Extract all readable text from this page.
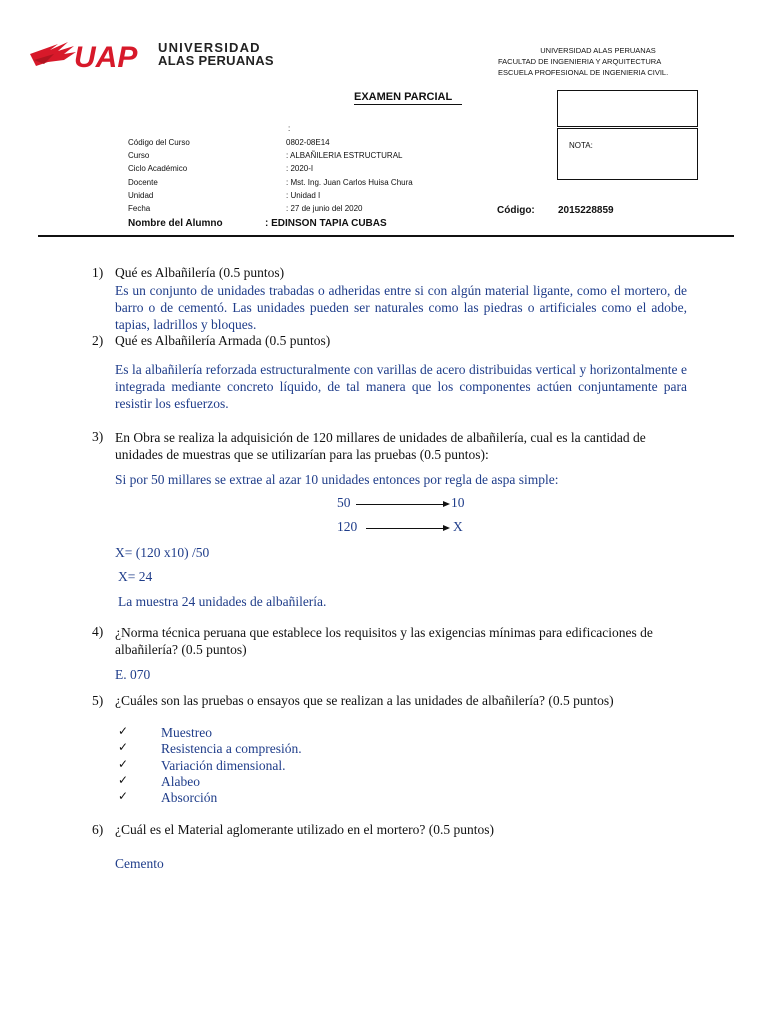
UAP UNIVERSIDAD
ALAS PERUANAS
UNIVERSIDAD ALAS PERUANAS
FACULTAD DE INGENIERIA Y ARQUITECTURA
ESCUELA PROFESIONAL DE INGENIERIA CIVIL.
EXAMEN PARCIAL
NOTA:
:
Código del Curso	0802-08E14
Curso	: ALBAÑILERIA ESTRUCTURAL
Ciclo Académico	: 2020-I
Docente	: Mst. Ing. Juan Carlos Huisa Chura
Unidad	: Unidad I
Fecha	: 27 de junio del 2020	Código: 2015228859
Nombre del Alumno	: EDINSON TAPIA CUBAS
1) Qué es Albañilería (0.5 puntos)
Es un conjunto de unidades trabadas o adheridas entre si con algún material ligante, como el mortero, de barro o de cementó. Las unidades pueden ser naturales como las piedras o artificiales como el adobe, tapias, ladrillos y bloques.
2) Qué es Albañilería Armada (0.5 puntos)
Es la albañilería reforzada estructuralmente con varillas de acero distribuidas vertical y horizontalmente e integrada mediante concreto líquido, de tal manera que los componentes actúen conjuntamente para resistir los esfuerzos.
3) En Obra se realiza la adquisición de 120 millares de unidades de albañilería, cual es la cantidad de unidades de muestras que se utilizarían para las pruebas (0.5 puntos):
Si por 50 millares se extrae al azar 10 unidades entonces por regla de aspa simple:
50	10
120	X
X= (120 x10) /50
X= 24
La muestra 24 unidades de albañilería.
4) ¿Norma técnica peruana que establece los requisitos y las exigencias mínimas para edificaciones de albañilería? (0.5 puntos)
E. 070
5) ¿Cuáles son las pruebas o ensayos que se realizan a las unidades de albañilería? (0.5 puntos)
✓ Muestreo
✓ Resistencia a compresión.
✓ Variación dimensional.
✓ Alabeo
✓ Absorción
6) ¿Cuál es el Material aglomerante utilizado en el mortero? (0.5 puntos)
Cemento
